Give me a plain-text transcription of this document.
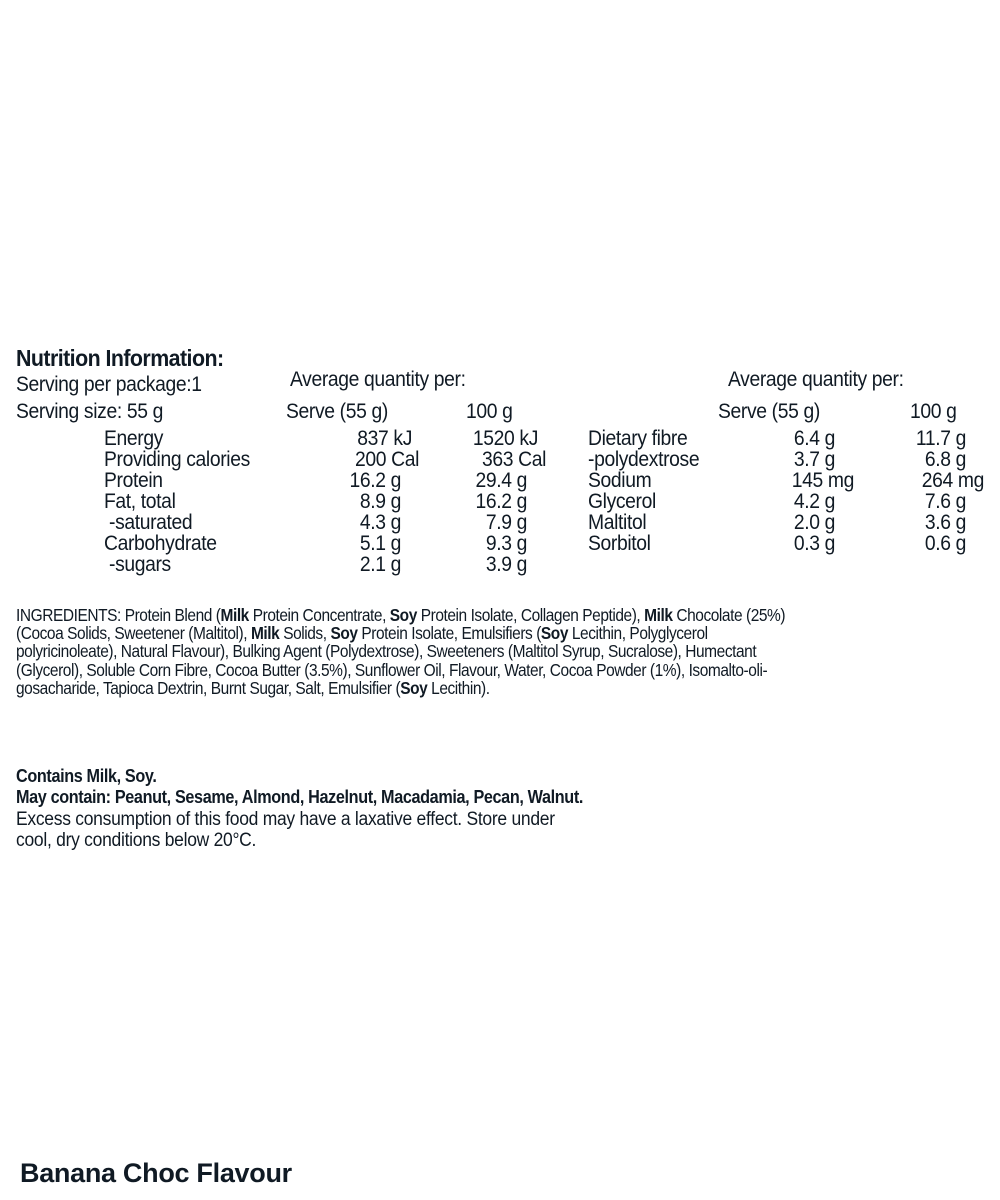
Nutrition Information:
Serving per package:1
Serving size: 55 g
Average quantity per:
Serve (55 g)	100 g
Average quantity per:
Serve (55 g)	100 g
Energy	837 kJ	1520 kJ
Providing calories	200 Cal	363 Cal
Protein	16.2 g	29.4 g
Fat, total	8.9 g	16.2 g
-saturated	4.3 g	7.9 g
Carbohydrate	5.1 g	9.3 g
-sugars	2.1 g	3.9 g
Dietary fibre	6.4 g	11.7 g
-polydextrose	3.7 g	6.8 g
Sodium	145 mg	264 mg
Glycerol	4.2 g	7.6 g
Maltitol	2.0 g	3.6 g
Sorbitol	0.3 g	0.6 g
INGREDIENTS: Protein Blend (Milk Protein Concentrate, Soy Protein Isolate, Collagen Peptide), Milk Chocolate (25%)
(Cocoa Solids, Sweetener (Maltitol), Milk Solids, Soy Protein Isolate, Emulsifiers (Soy Lecithin, Polyglycerol
polyricinoleate), Natural Flavour), Bulking Agent (Polydextrose), Sweeteners (Maltitol Syrup, Sucralose), Humectant
(Glycerol), Soluble Corn Fibre, Cocoa Butter (3.5%), Sunflower Oil, Flavour, Water, Cocoa Powder (1%), Isomalto-oli-
gosacharide, Tapioca Dextrin, Burnt Sugar, Salt, Emulsifier (Soy Lecithin).
Contains Milk, Soy.
May contain: Peanut, Sesame, Almond, Hazelnut, Macadamia, Pecan, Walnut.
Excess consumption of this food may have a laxative effect. Store under
cool, dry conditions below 20°C.
Banana Choc Flavour
